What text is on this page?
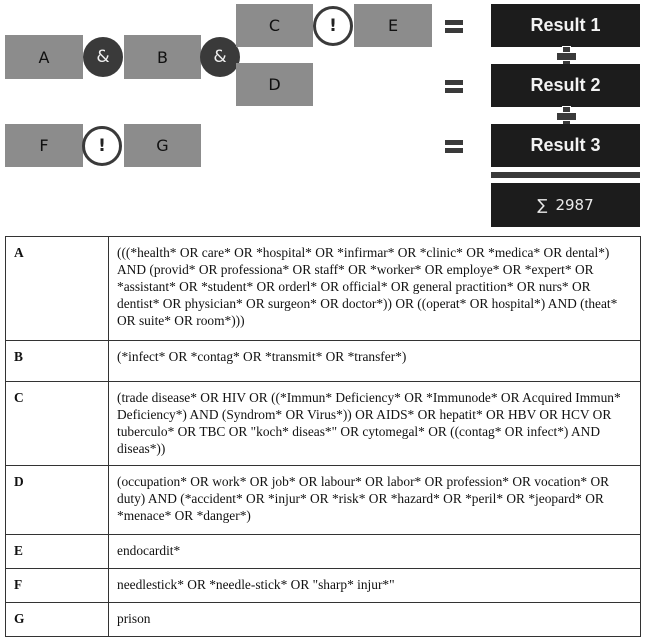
A	&	B	&
C	!	E
D
F	!	G
Result 1
Result 2
Result 3
∑ 2987
A	(((*health* OR care* OR *hospital* OR *infirmar* OR *clinic* OR *medica* OR dental*) AND (provid* OR professiona* OR staff* OR *worker* OR employe* OR *expert* OR *assistant* OR *student* OR orderl* OR official* OR general practition* OR nurs* OR dentist* OR physician* OR surgeon* OR doctor*)) OR ((operat* OR hospital*) AND (theat* OR suite* OR room*)))
B	(*infect* OR *contag* OR *transmit* OR *transfer*)
C	(trade disease* OR HIV OR ((*Immun* Deficiency* OR *Immunode* OR Acquired Immun* Deficiency*) AND (Syndrom* OR Virus*)) OR AIDS* OR hepatit* OR HBV OR HCV OR tuberculo* OR TBC OR "koch* diseas*" OR cytomegal* OR ((contag* OR infect*) AND diseas*))
D	(occupation* OR work* OR job* OR labour* OR labor* OR profession* OR vocation* OR duty) AND (*accident* OR *injur* OR *risk* OR *hazard* OR *peril* OR *jeopard* OR *menace* OR *danger*)
E	endocardit*
F	needlestick* OR *needle-stick* OR "sharp* injur*"
G	prison
